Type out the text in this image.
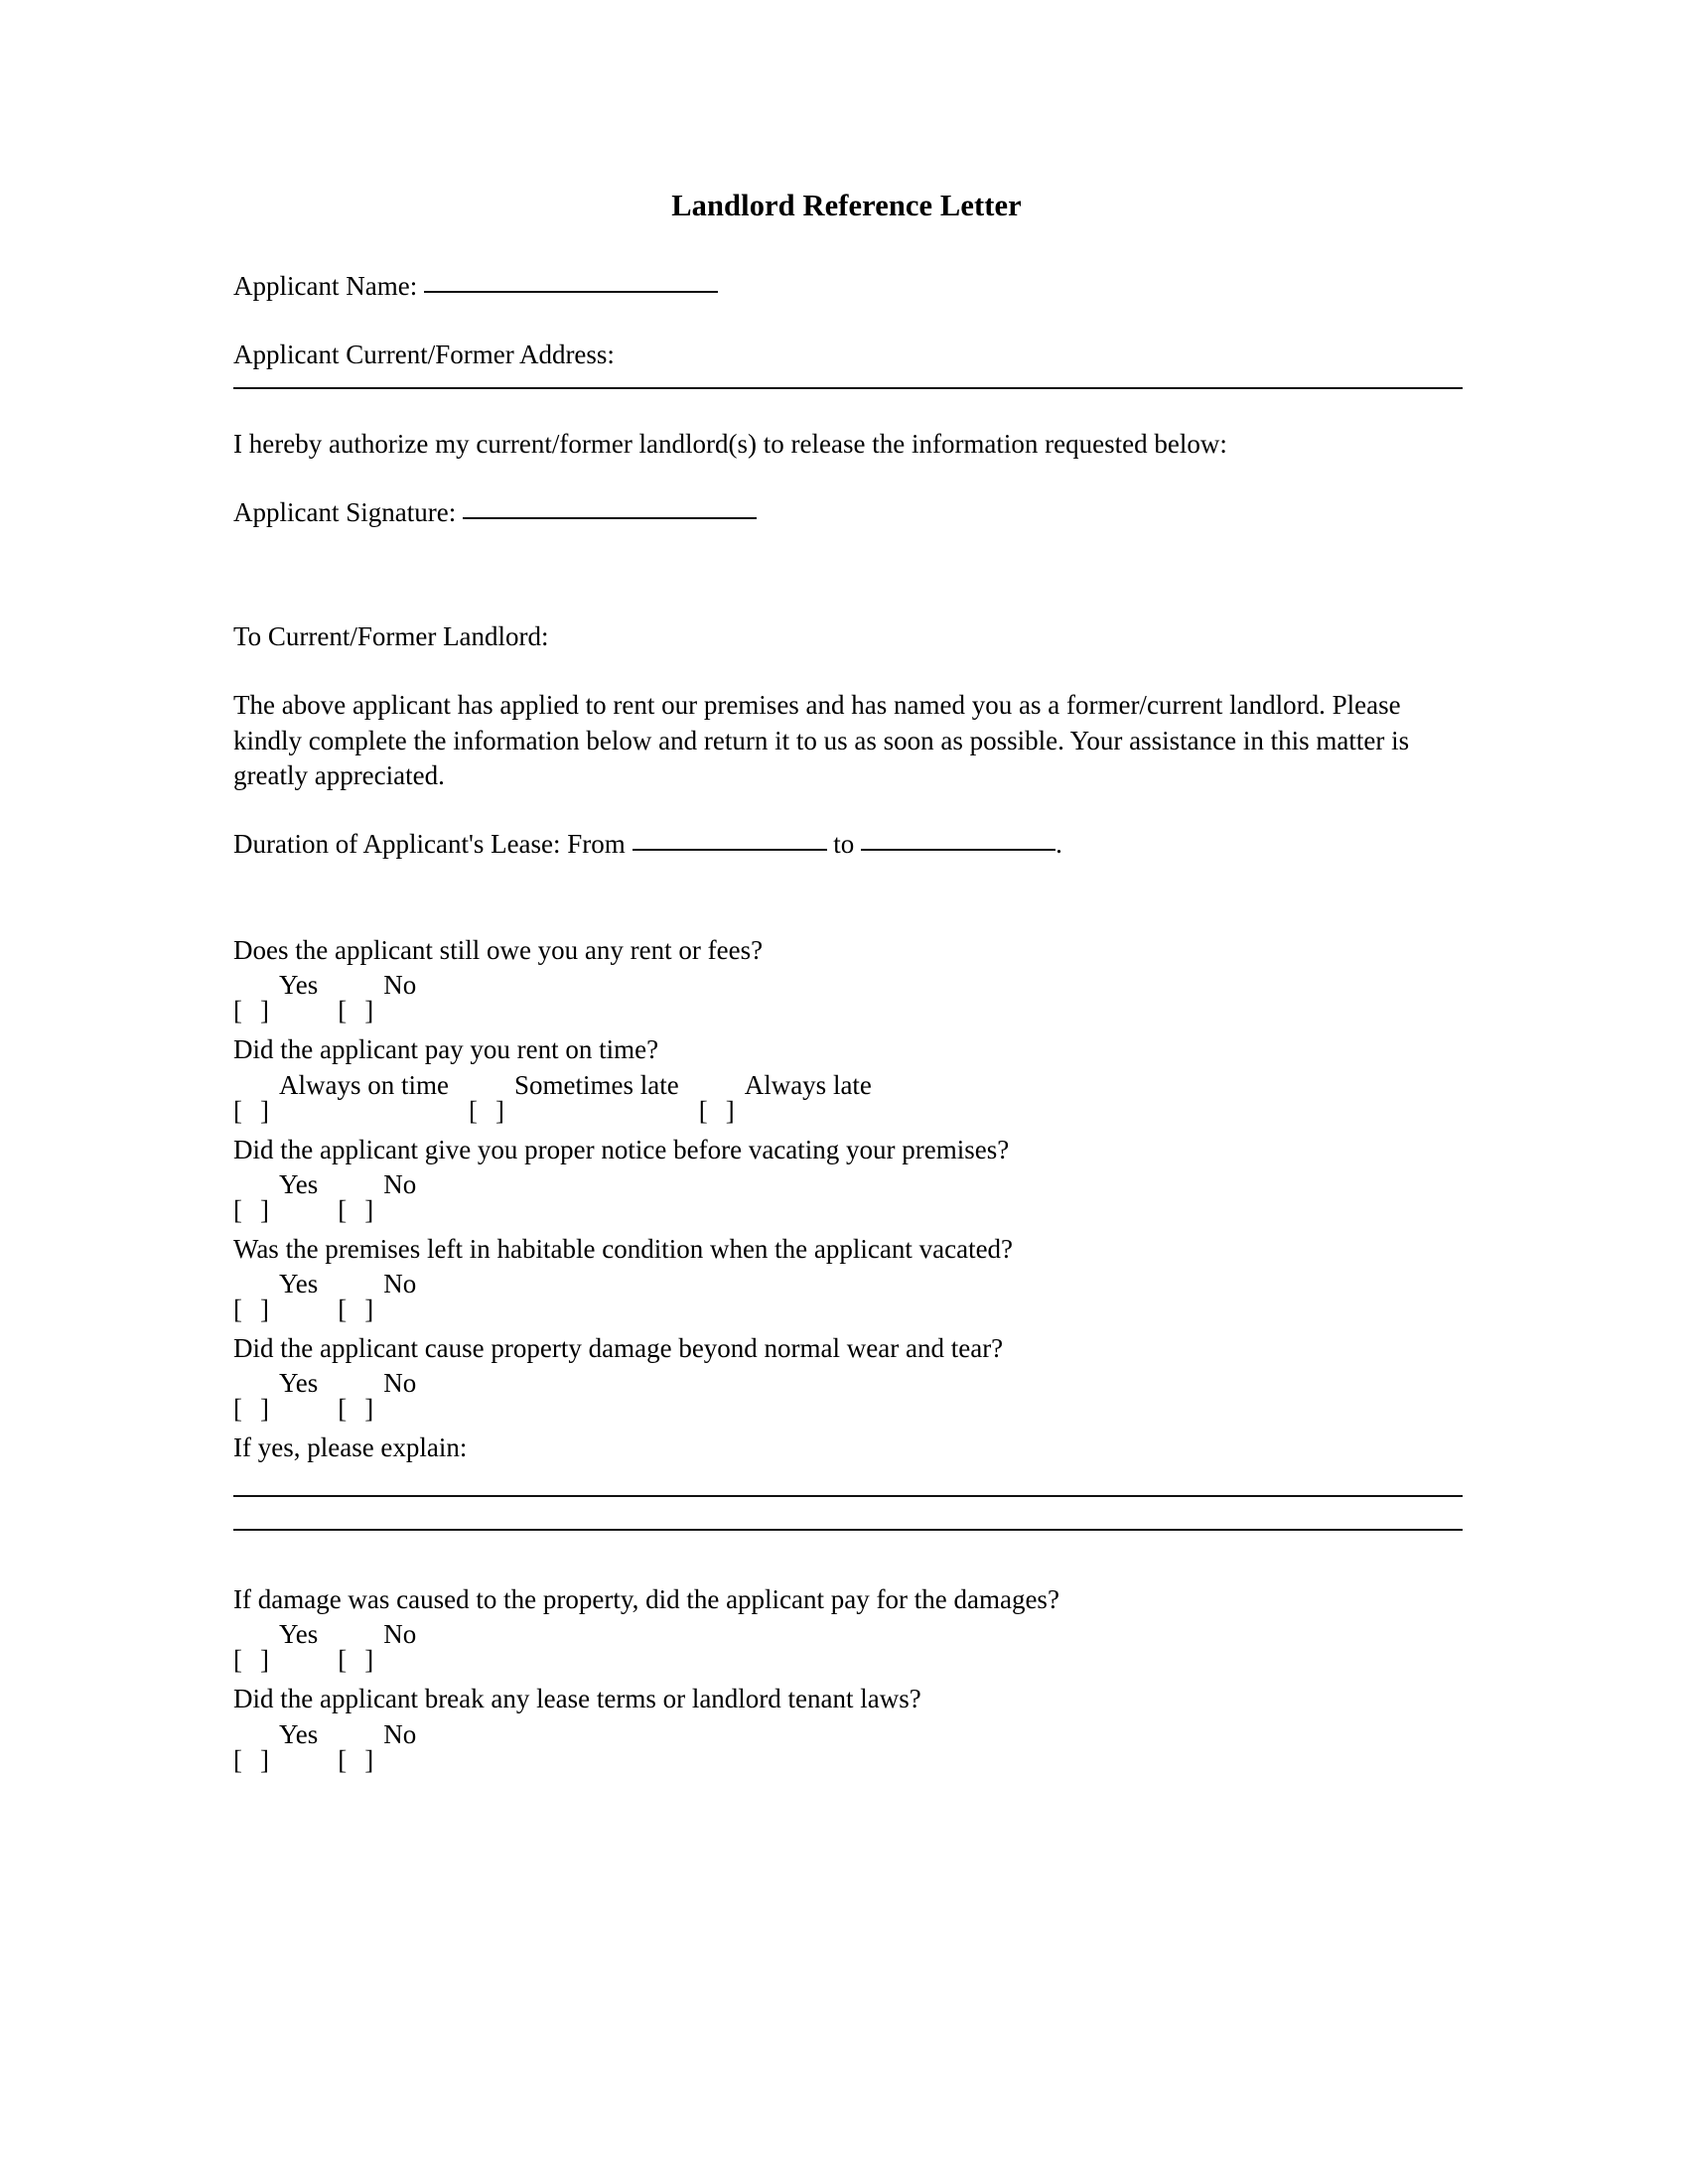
Landlord Reference Letter

Applicant Name:

Applicant Current/Former Address:

I hereby authorize my current/former landlord(s) to release the information requested below:

Applicant Signature:

To Current/Former Landlord:

The above applicant has applied to rent our premises and has named you as a former/current landlord. Please kindly complete the information below and return it to us as soon as possible. Your assistance in this matter is greatly appreciated.

Duration of Applicant's Lease: From	to	.

Does the applicant still owe you any rent or fees?

[ ]
Yes
[ ]
No

Did the applicant pay you rent on time?

[ ]
Always on time
[ ]
Sometimes late
[ ]
Always late

Did the applicant give you proper notice before vacating your premises?

[ ]
Yes
[ ]
No

Was the premises left in habitable condition when the applicant vacated?

[ ]
Yes
[ ]
No

Did the applicant cause property damage beyond normal wear and tear?

[ ]
Yes
[ ]
No

If yes, please explain:

If damage was caused to the property, did the applicant pay for the damages?

[ ]
Yes
[ ]
No

Did the applicant break any lease terms or landlord tenant laws?

[ ]
Yes
[ ]
No
